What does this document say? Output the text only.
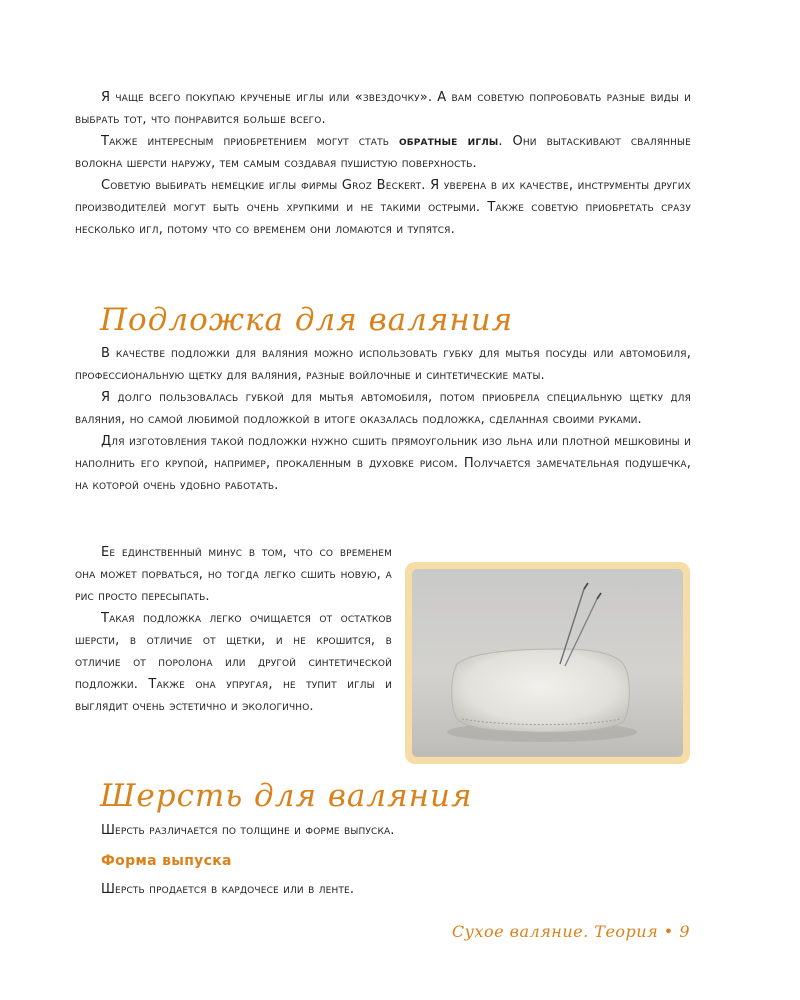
Я чаще всего покупаю крученые иглы или «звездочку». А вам советую попробовать разные виды и выбрать тот, что понравится больше всего.

Также интересным приобретением могут стать обратные иглы. Они вытаскивают свалянные волокна шерсти наружу, тем самым создавая пушистую поверхность.

Советую выбирать немецкие иглы фирмы Groz Beckert. Я уверена в их качестве, инструменты других производителей могут быть очень хрупкими и не такими острыми. Также советую приобретать сразу несколько игл, потому что со временем они ломаются и тупятся.

Подложка для валяния

В качестве подложки для валяния можно использовать губку для мытья посуды или автомобиля, профессиональную щетку для валяния, разные войлочные и синтетические маты.

Я долго пользовалась губкой для мытья автомобиля, потом приобрела специальную щетку для валяния, но самой любимой подложкой в итоге оказалась подложка, сделанная своими руками.

Для изготовления такой подложки нужно сшить прямоугольник изо льна или плотной мешковины и наполнить его крупой, например, прокаленным в духовке рисом. Получается замечательная подушечка, на которой очень удобно работать.

Ее единственный минус в том, что со временем она может порваться, но тогда легко сшить новую, а рис просто пересыпать.

Такая подложка легко очищается от остатков шерсти, в отличие от щетки, и не крошится, в отличие от поролона или другой синтетической подложки. Также она упругая, не тупит иглы и выглядит очень эстетично и экологично.

Шерсть для валяния

Шерсть различается по толщине и форме выпуска.

Форма выпуска

Шерсть продается в кардочесе или в ленте.

Сухое валяние. Теория • 9
